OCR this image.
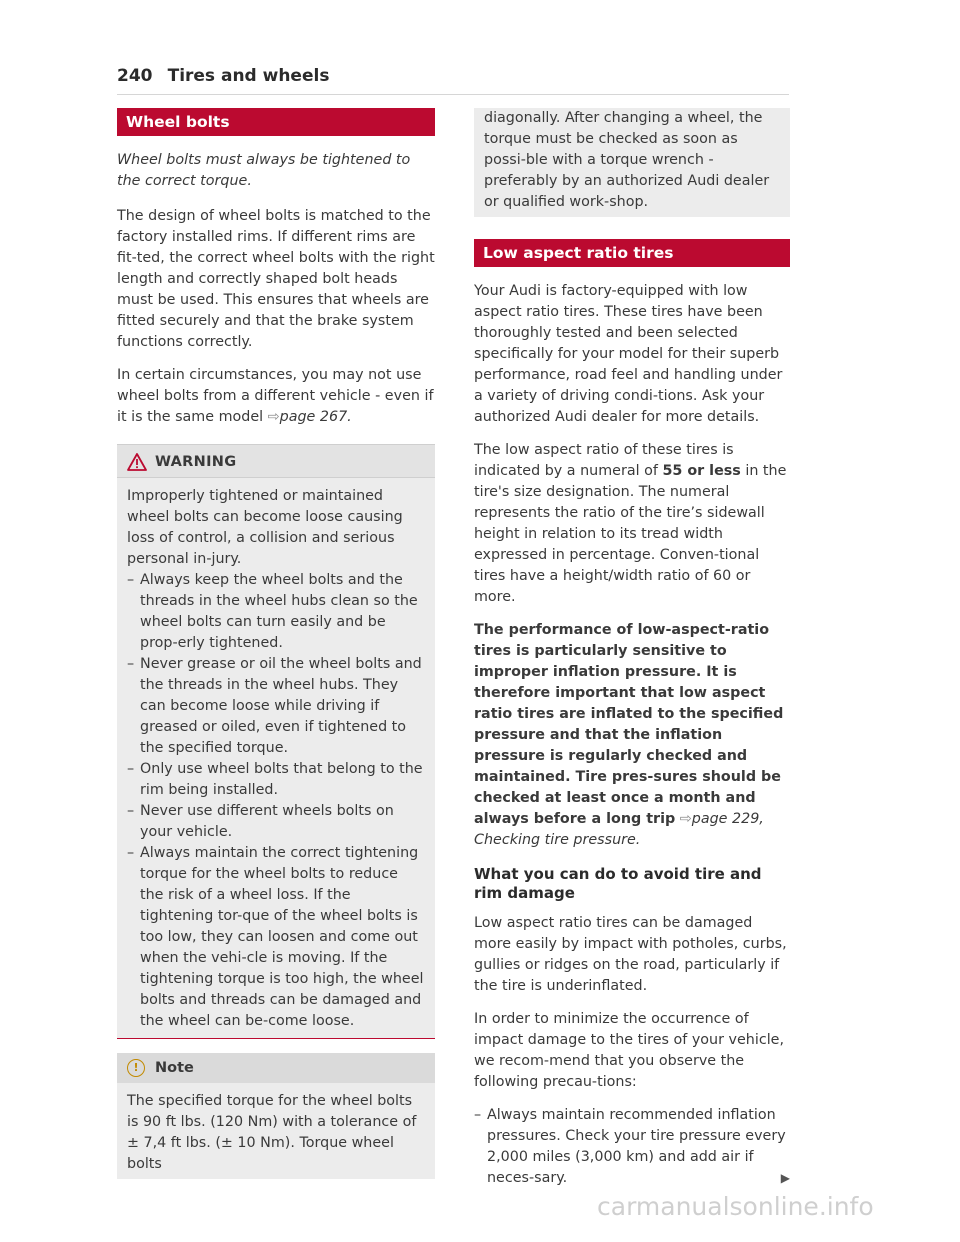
240 Tires and wheels
Wheel bolts

Wheel bolts must always be tightened to the correct torque.

The design of wheel bolts is matched to the factory installed rims. If different rims are fit-ted, the correct wheel bolts with the right length and correctly shaped bolt heads must be used. This ensures that wheels are fitted securely and that the brake system functions correctly.

In certain circumstances, you may not use wheel bolts from a different vehicle - even if it is the same model ⇨page 267.

WARNING

Improperly tightened or maintained wheel bolts can become loose causing loss of control, a collision and serious personal in-jury.

– Always keep the wheel bolts and the threads in the wheel hubs clean so the wheel bolts can turn easily and be prop-erly tightened.
– Never grease or oil the wheel bolts and the threads in the wheel hubs. They can become loose while driving if greased or oiled, even if tightened to the specified torque.
– Only use wheel bolts that belong to the rim being installed.
– Never use different wheels bolts on your vehicle.
– Always maintain the correct tightening torque for the wheel bolts to reduce the risk of a wheel loss. If the tightening tor-que of the wheel bolts is too low, they can loosen and come out when the vehi-cle is moving. If the tightening torque is too high, the wheel bolts and threads can be damaged and the wheel can be-come loose.
!	Note

The specified torque for the wheel bolts is 90 ft lbs. (120 Nm) with a tolerance of ± 7,4 ft lbs. (± 10 Nm). Torque wheel bolts

diagonally. After changing a wheel, the torque must be checked as soon as possi-ble with a torque wrench - preferably by an authorized Audi dealer or qualified work-shop.

Low aspect ratio tires

Your Audi is factory-equipped with low aspect ratio tires. These tires have been thoroughly tested and been selected specifically for your model for their superb performance, road feel and handling under a variety of driving condi-tions. Ask your authorized Audi dealer for more details.

The low aspect ratio of these tires is indicated by a numeral of 55 or less in the tire's size designation. The numeral represents the ratio of the tire’s sidewall height in relation to its tread width expressed in percentage. Conven-tional tires have a height/width ratio of 60 or more.

The performance of low-aspect-ratio tires is particularly sensitive to improper inflation pressure. It is therefore important that low aspect ratio tires are inflated to the specified pressure and that the inflation pressure is regularly checked and maintained. Tire pres-sures should be checked at least once a month and always before a long trip ⇨page 229, Checking tire pressure.

What you can do to avoid tire and rim damage

Low aspect ratio tires can be damaged more easily by impact with potholes, curbs, gullies or ridges on the road, particularly if the tire is underinflated.

In order to minimize the occurrence of impact damage to the tires of your vehicle, we recom-mend that you observe the following precau-tions:

– Always maintain recommended inflation pressures. Check your tire pressure every 2,000 miles (3,000 km) and add air if neces-sary.	▶
carmanualsonline.info
